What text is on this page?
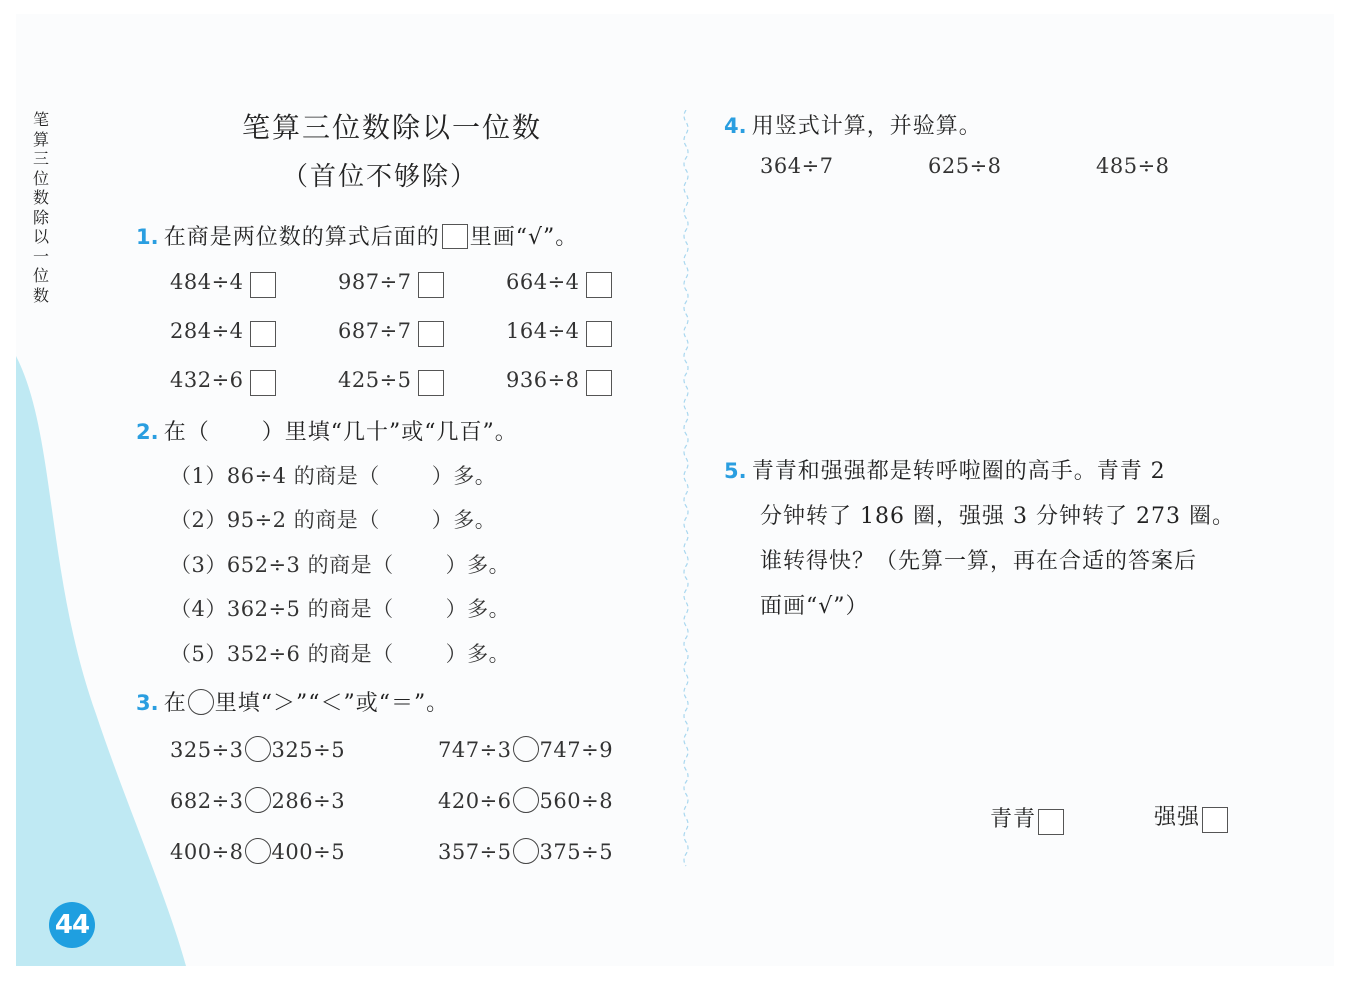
笔算三位数除以一位数
44
笔算三位数除以一位数
（首位不够除）
1. 在商是两位数的算式后面的 里画“√”。
484÷4	987÷7	664÷4
284÷4	687÷7	164÷4
432÷6	425÷5	936÷8
2. 在（ ）里填“几十”或“几百”。
（1）86÷4 的商是（ ）多。
（2）95÷2 的商是（ ）多。
（3）652÷3 的商是（ ）多。
（4）362÷5 的商是（ ）多。
（5）352÷6 的商是（ ）多。
3. 在 里填“＞”“＜”或“＝”。
325÷3 325÷5	747÷3 747÷9
682÷3 286÷3	420÷6 560÷8
400÷8 400÷5	357÷5 375÷5
4. 用竖式计算，并验算。
364÷7	625÷8	485÷8
5. 青青和强强都是转呼啦圈的高手。青青 2
分钟转了 186 圈，强强 3 分钟转了 273 圈。
谁转得快？（先算一算，再在合适的答案后
面画“√”）
青青	强强
